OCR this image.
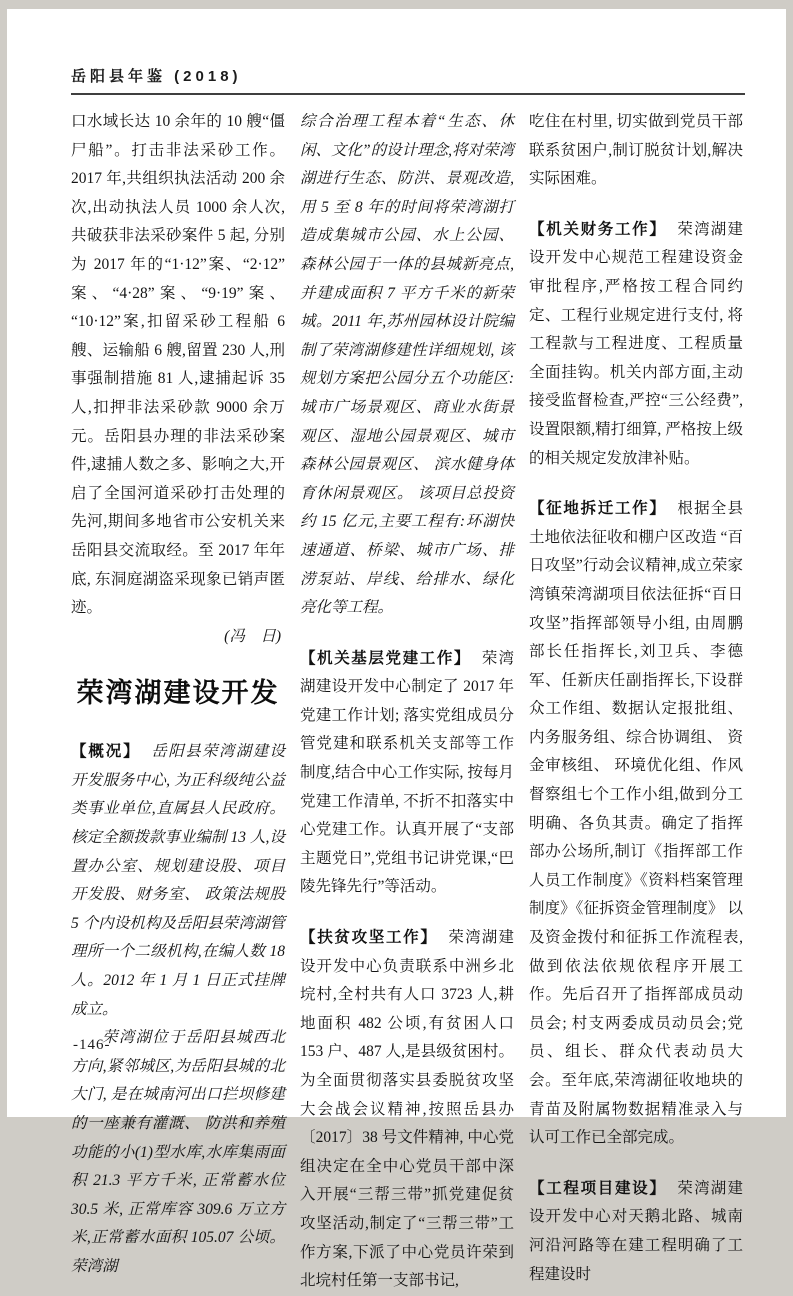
岳阳县年鉴 (2018)

口水域长达 10 余年的 10 艘“僵尸船”。打击非法采砂工作。2017 年,共组织执法活动 200 余次,出动执法人员 1000 余人次,共破获非法采砂案件 5 起, 分别为 2017 年的“1·12”案、“2·12”案、“4·28”案、“9·19”案、“10·12”案,扣留采砂工程船 6 艘、运输船 6 艘,留置 230 人,刑事强制措施 81 人,逮捕起诉 35 人,扣押非法采砂款 9000 余万元。岳阳县办理的非法采砂案件,逮捕人数之多、影响之大,开启了全国河道采砂打击处理的先河,期间多地省市公安机关来岳阳县交流取经。至 2017 年年底, 东洞庭湖盗采现象已销声匿迹。

(冯　日)

荣湾湖建设开发

【概况】 岳阳县荣湾湖建设开发服务中心, 为正科级纯公益类事业单位,直属县人民政府。核定全额拨款事业编制 13 人,设置办公室、规划建设股、项目开发股、财务室、 政策法规股 5 个内设机构及岳阳县荣湾湖管理所一个二级机构,在编人数 18 人。2012 年 1 月 1 日正式挂牌成立。

荣湾湖位于岳阳县城西北方向,紧邻城区,为岳阳县城的北大门, 是在城南河出口拦坝修建的一座兼有灌溉、 防洪和养殖功能的小(1)型水库,水库集雨面积 21.3 平方千米, 正常蓄水位 30.5 米, 正常库容 309.6 万立方米,正常蓄水面积 105.07 公顷。荣湾湖

综合治理工程本着“生态、休闲、文化”的设计理念,将对荣湾湖进行生态、防洪、景观改造,用 5 至 8 年的时间将荣湾湖打造成集城市公园、水上公园、森林公园于一体的县城新亮点, 并建成面积 7 平方千米的新荣城。2011 年,苏州园林设计院编制了荣湾湖修建性详细规划, 该规划方案把公园分五个功能区:城市广场景观区、商业水街景观区、湿地公园景观区、城市森林公园景观区、 滨水健身体育休闲景观区。 该项目总投资约 15 亿元,主要工程有:环湖快速通道、桥梁、城市广场、排涝泵站、岸线、给排水、绿化亮化等工程。

【机关基层党建工作】 荣湾湖建设开发中心制定了 2017 年党建工作计划; 落实党组成员分管党建和联系机关支部等工作制度,结合中心工作实际, 按每月党建工作清单, 不折不扣落实中心党建工作。认真开展了“支部主题党日”,党组书记讲党课,“巴陵先锋先行”等活动。

【扶贫攻坚工作】 荣湾湖建设开发中心负责联系中洲乡北垸村,全村共有人口 3723 人,耕地面积 482 公顷,有贫困人口 153 户、487 人,是县级贫困村。为全面贯彻落实县委脱贫攻坚大会战会议精神,按照岳县办〔2017〕38 号文件精神, 中心党组决定在全中心党员干部中深入开展“三帮三带”抓党建促贫攻坚活动,制定了“三帮三带”工作方案,下派了中心党员许荣到北垸村任第一支部书记,

吃住在村里, 切实做到党员干部联系贫困户,制订脱贫计划,解决实际困难。

【机关财务工作】 荣湾湖建设开发中心规范工程建设资金审批程序,严格按工程合同约定、工程行业规定进行支付, 将工程款与工程进度、工程质量全面挂钩。机关内部方面,主动接受监督检查,严控“三公经费”,设置限额,精打细算, 严格按上级的相关规定发放津补贴。

【征地拆迁工作】 根据全县土地依法征收和棚户区改造 “百日攻坚”行动会议精神,成立荣家湾镇荣湾湖项目依法征拆“百日攻坚”指挥部领导小组, 由周鹏部长任指挥长,刘卫兵、李德军、任新庆任副指挥长,下设群众工作组、数据认定报批组、内务服务组、综合协调组、 资金审核组、 环境优化组、作风督察组七个工作小组,做到分工明确、各负其责。确定了指挥部办公场所,制订《指挥部工作人员工作制度》《资料档案管理制度》《征拆资金管理制度》 以及资金拨付和征拆工作流程表, 做到依法依规依程序开展工作。先后召开了指挥部成员动员会; 村支两委成员动员会;党员、组长、群众代表动员大会。至年底,荣湾湖征收地块的青苗及附属物数据精准录入与认可工作已全部完成。

【工程项目建设】 荣湾湖建设开发中心对天鹅北路、城南河沿河路等在建工程明确了工程建设时

-146-
